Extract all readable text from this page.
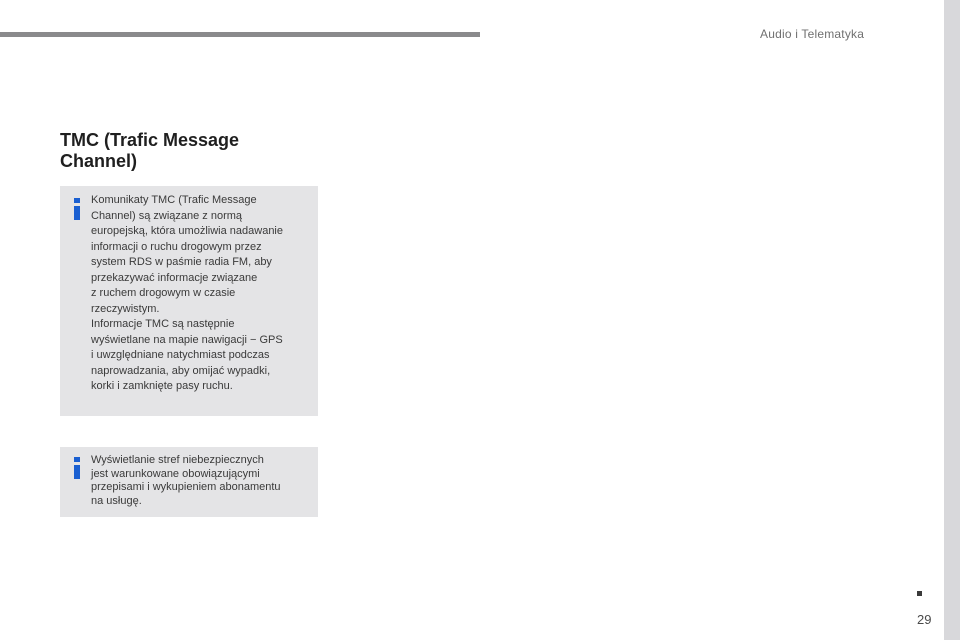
Audio i Telematyka
TMC (Trafic Message Channel)

Komunikaty TMC (Trafic Message
Channel) są związane z normą
europejską, która umożliwia nadawanie
informacji o ruchu drogowym przez
system RDS w paśmie radia FM, aby
przekazywać informacje związane
z ruchem drogowym w czasie
rzeczywistym.
Informacje TMC są następnie
wyświetlane na mapie nawigacji − GPS
i uwzględniane natychmiast podczas
naprowadzania, aby omijać wypadki,
korki i zamknięte pasy ruchu.

Wyświetlanie stref niebezpiecznych
jest warunkowane obowiązującymi
przepisami i wykupieniem abonamentu
na usługę.

29
